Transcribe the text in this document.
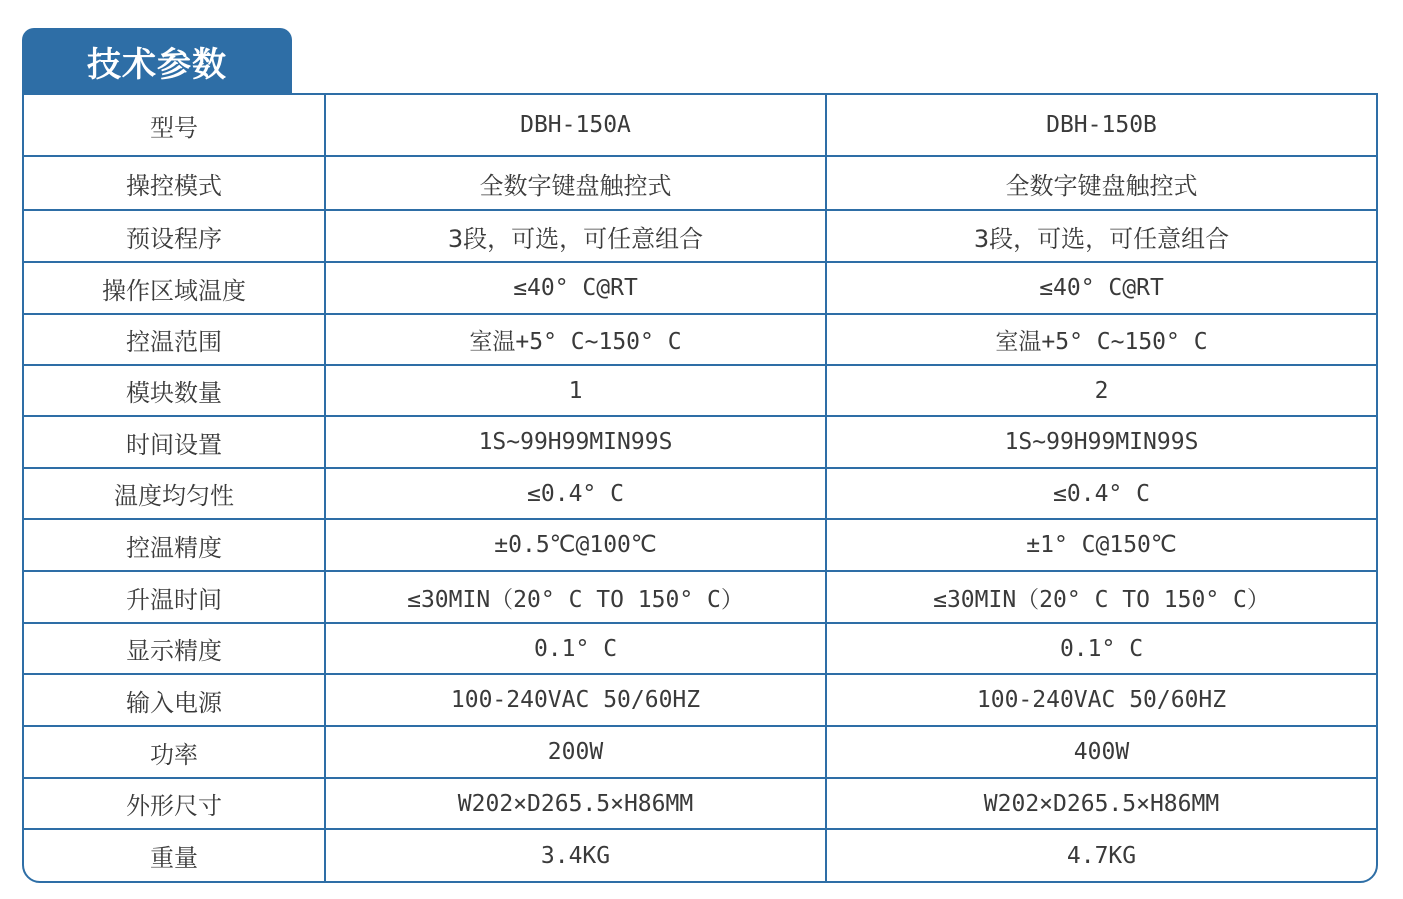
技术参数
型号	DBH-150A	DBH-150B
操控模式	全数字键盘触控式	全数字键盘触控式
预设程序	3段，可选，可任意组合	3段，可选，可任意组合
操作区域温度	≤40° C@RT	≤40° C@RT
控温范围	室温+5° C~150° C	室温+5° C~150° C
模块数量	1	2
时间设置	1S~99H99MIN99S	1S~99H99MIN99S
温度均匀性	≤0.4° C	≤0.4° C
控温精度	±0.5℃@100℃	±1° C@150℃
升温时间	≤30MIN（20° C TO 150° C）	≤30MIN（20° C TO 150° C）
显示精度	0.1° C	0.1° C
输入电源	100-240VAC 50/60HZ	100-240VAC 50/60HZ
功率	200W	400W
外形尺寸	W202×D265.5×H86MM	W202×D265.5×H86MM
重量	3.4KG	4.7KG
